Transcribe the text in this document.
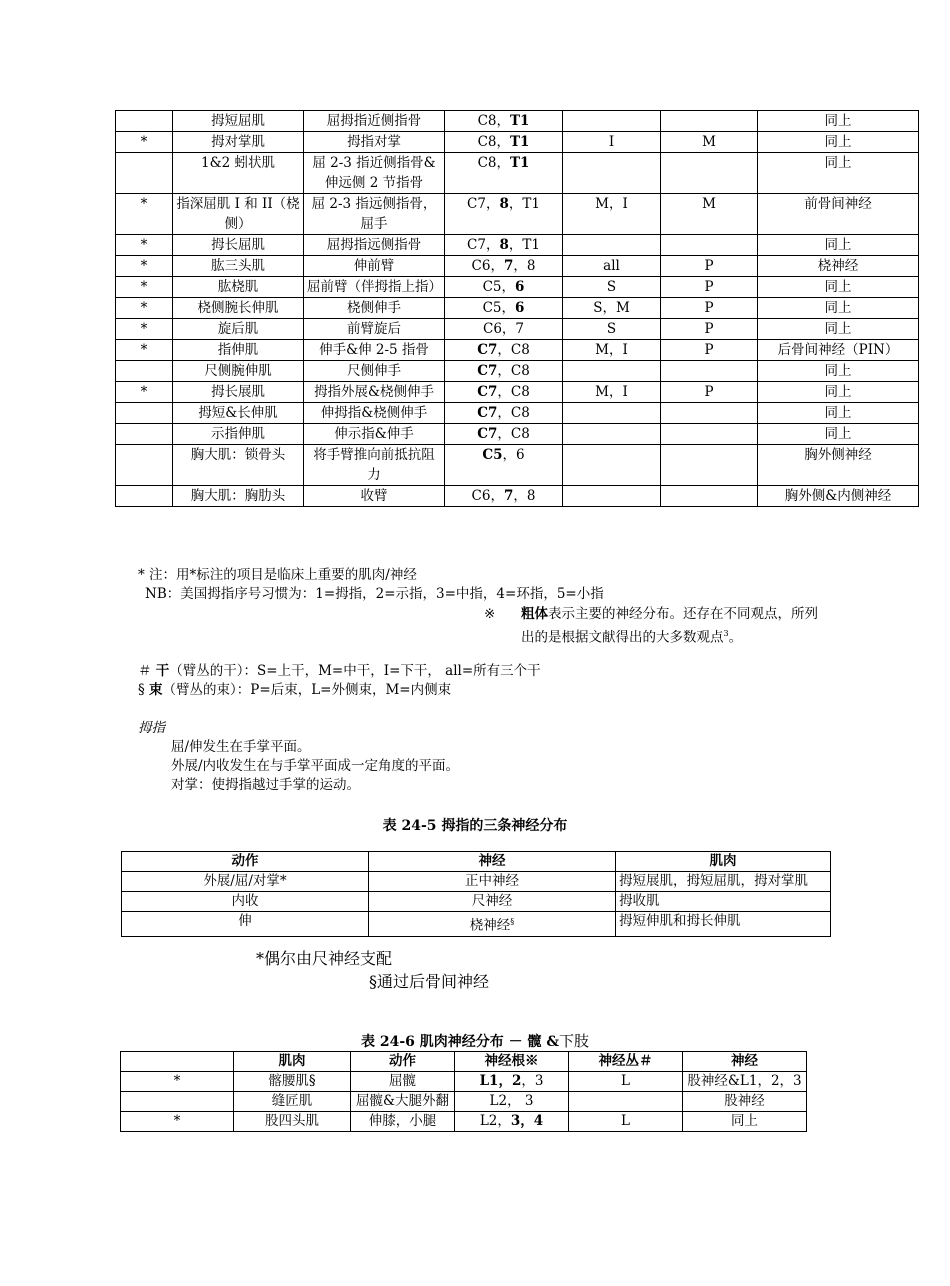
	拇短屈肌	屈拇指近侧指骨	C8，T1			同上
*	拇对掌肌	拇指对掌	C8，T1	I	M	同上
	1&2 蚓状肌	屈 2-3 指近侧指骨&伸远侧 2 节指骨	C8，T1			同上
*	指深屈肌 I 和 II（桡侧）	屈 2-3 指远侧指骨，屈手	C7，8，T1	M，I	M	前骨间神经
*	拇长屈肌	屈拇指远侧指骨	C7，8，T1			同上
*	肱三头肌	伸前臂	C6，7，8	all	P	桡神经
*	肱桡肌	屈前臂（伴拇指上指）	C5，6	S	P	同上
*	桡侧腕长伸肌	桡侧伸手	C5，6	S，M	P	同上
*	旋后肌	前臂旋后	C6，7	S	P	同上
*	指伸肌	伸手&伸 2-5 指骨	C7，C8	M，I	P	后骨间神经（PIN）
	尺侧腕伸肌	尺侧伸手	C7，C8			同上
*	拇长展肌	拇指外展&桡侧伸手	C7，C8	M，I	P	同上
	拇短&长伸肌	伸拇指&桡侧伸手	C7，C8			同上
	示指伸肌	伸示指&伸手	C7，C8			同上
	胸大肌：锁骨头	将手臂推向前抵抗阻力	C5，6			胸外侧神经
	胸大肌：胸肋头	收臂	C6，7，8			胸外侧&内侧神经
* 注：用*标注的项目是临床上重要的肌肉/神经
NB：美国拇指序号习惯为：1=拇指，2=示指，3=中指，4=环指，5=小指
※	粗体表示主要的神经分布。还存在不同观点，所列出的是根据文献得出的大多数观点$^3$。
＃ 干（臂丛的干）：S=上干，M=中干，I=下干， all=所有三个干
§ 束（臂丛的束）：P=后束，L=外侧束，M=内侧束
拇指
屈/伸发生在手掌平面。
外展/内收发生在与手掌平面成一定角度的平面。
对掌：使拇指越过手掌的运动。
表 24-5 拇指的三条神经分布
动作	神经	肌肉
外展/屈/对掌*	正中神经	拇短展肌，拇短屈肌，拇对掌肌
内收	尺神经	拇收肌
伸	桡神经§	拇短伸肌和拇长伸肌
*偶尔由尺神经支配
§通过后骨间神经
表 24-6 肌肉神经分布 － 髋 &下肢
	肌肉	动作	神经根※	神经丛＃	神经
*	髂腰肌§	屈髋	L1，2，3	L	股神经&L1，2，3
	缝匠肌	屈髋&大腿外翻	L2， 3		股神经
*	股四头肌	伸膝，小腿	L2，3，4	L	同上
